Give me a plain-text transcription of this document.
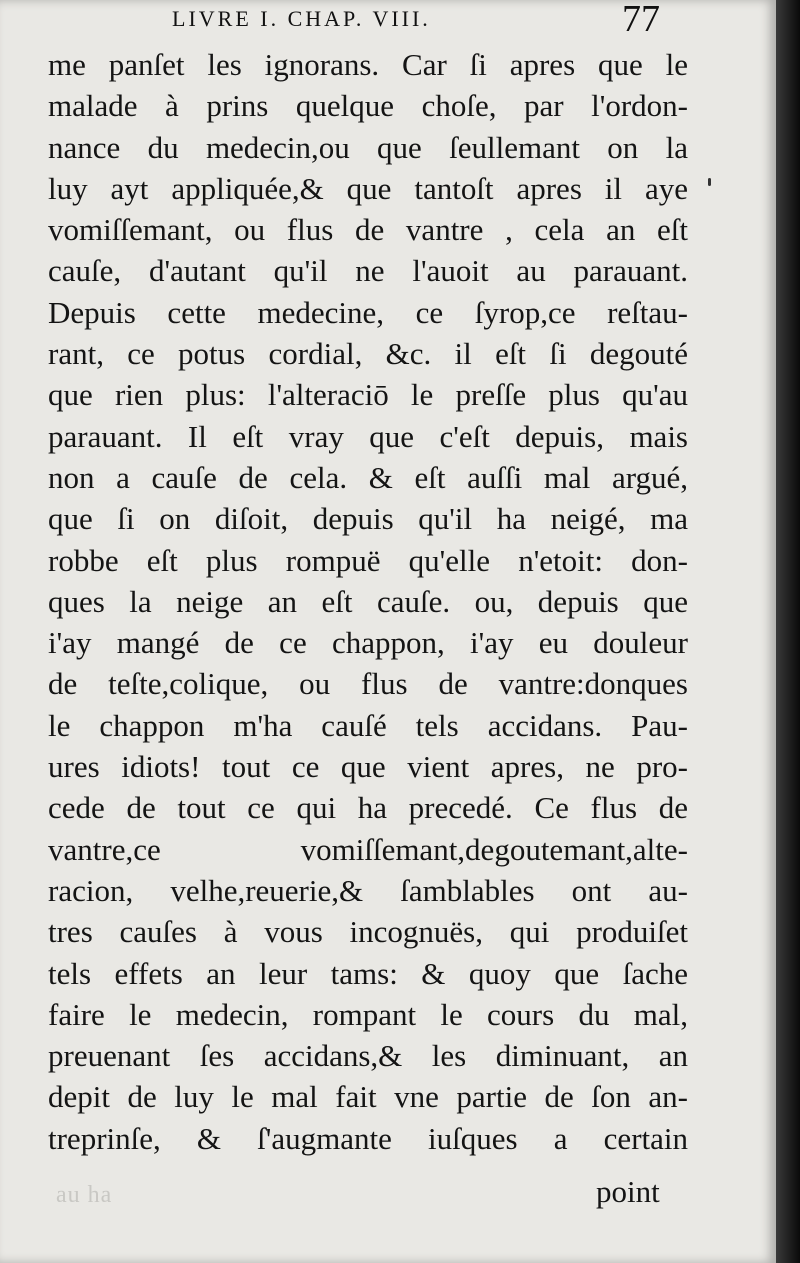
LIVRE I. CHAP. VIII.	77
me panſet les ignorans. Car ſi apres que le
malade à prins quelque choſe, par l'ordon-
nance du medecin,ou que ſeullemant on la
luy ayt appliquée,& que tantoſt apres il aye
vomiſſemant, ou flus de vantre , cela an eſt
cauſe, d'autant qu'il ne l'auoit au parauant.
Depuis cette medecine, ce ſyrop,ce reſtau-
rant, ce potus cordial, &c. il eſt ſi degouté
que rien plus: l'alteraciō le preſſe plus qu'au
parauant. Il eſt vray que c'eſt depuis, mais
non a cauſe de cela. & eſt auſſi mal argué,
que ſi on diſoit, depuis qu'il ha neigé, ma
robbe eſt plus rompuë qu'elle n'etoit: don-
ques la neige an eſt cauſe. ou, depuis que
i'ay mangé de ce chappon, i'ay eu douleur
de teſte,colique, ou flus de vantre:donques
le chappon m'ha cauſé tels accidans. Pau-
ures idiots! tout ce que vient apres, ne pro-
cede de tout ce qui ha precedé. Ce flus de
vantre,ce vomiſſemant,degoutemant,alte-
racion, velhe,reuerie,& ſamblables ont au-
tres cauſes à vous incognuës, qui produiſet
tels effets an leur tams: & quoy que ſache
faire le medecin, rompant le cours du mal,
preuenant ſes accidans,& les diminuant, an
depit de luy le mal fait vne partie de ſon an-
treprinſe, & ſ'augmante iuſques a certain
au ha	point
